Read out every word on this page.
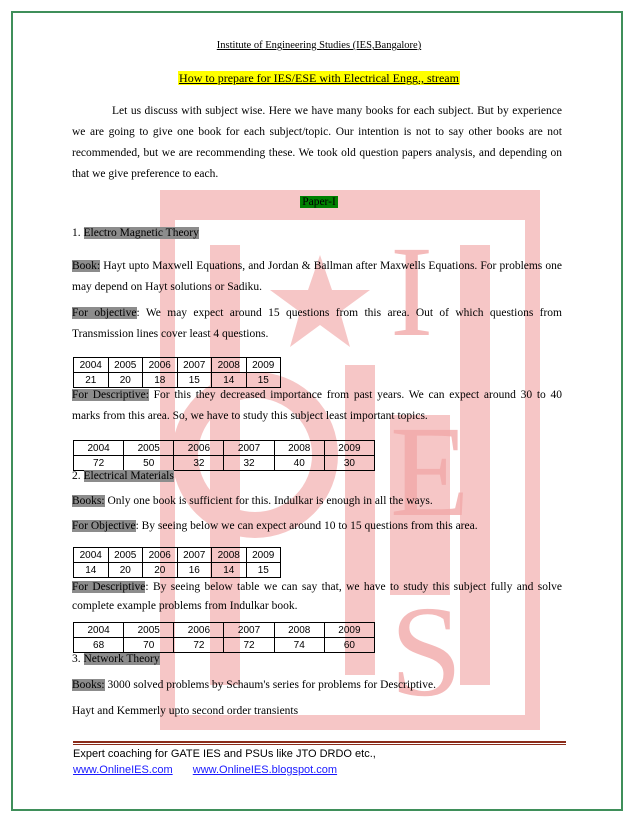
I
E
S
Institute of Engineering Studies (IES,Bangalore)
How to prepare for IES/ESE with Electrical Engg., stream
Let us discuss with subject wise. Here we have many books for each subject. But by experience we are going to give one book for each subject/topic. Our intention is not to say other books are not recommended, but we are recommending these. We took old question papers analysis, and depending on that we give preference to each.
Paper-I
1. Electro Magnetic Theory
Book: Hayt upto Maxwell Equations, and Jordan & Ballman after Maxwells Equations. For problems one may depend on Hayt solutions or Sadiku.
For objective: We may expect around 15 questions from this area. Out of which questions from Transmission lines cover least 4 questions.
2004	2005	2006	2007	2008	2009
21	20	18	15	14	15
For Descriptive: For this they decreased importance from past years. We can expect around 30 to 40 marks from this area. So, we have to study this subject least important topics.
2004	2005	2006	2007	2008	2009
72	50	32	32	40	30
2. Electrical Materials
Books: Only one book is sufficient for this. Indulkar is enough in all the ways.
For Objective: By seeing below we can expect around 10 to 15 questions from this area.
2004	2005	2006	2007	2008	2009
14	20	20	16	14	15
For Descriptive: By seeing below table we can say that, we have to study this subject fully and solve complete example problems from Indulkar book.
2004	2005	2006	2007	2008	2009
68	70	72	72	74	60
3. Network Theory
Books: 3000 solved problems by Schaum's series for problems for Descriptive.
Hayt and Kemmerly upto second order transients
Expert coaching for GATE IES and PSUs like JTO DRDO etc.,
www.OnlineIES.com www.OnlineIES.blogspot.com
